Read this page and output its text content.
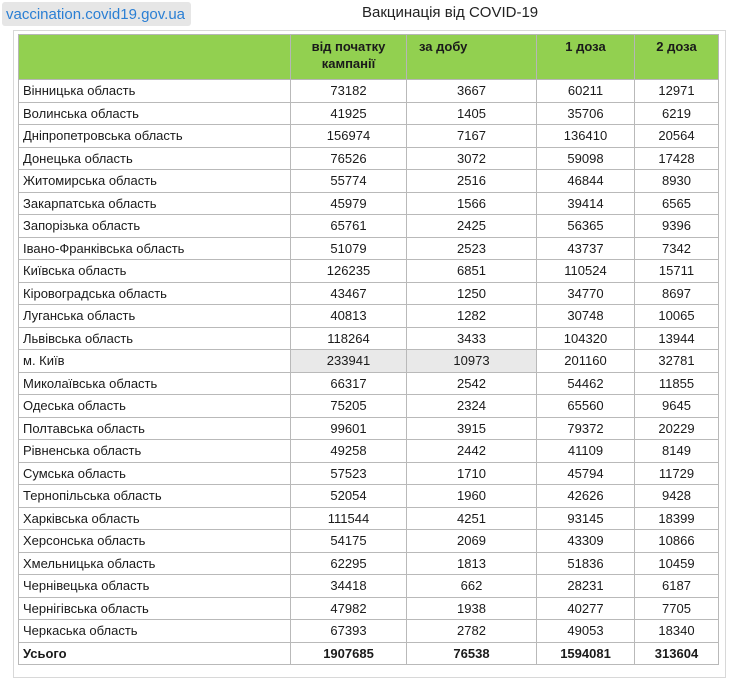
vaccination.covid19.gov.ua	Вакцинація від COVID-19
	від початку кампанії	за добу	1 доза	2 доза
Вінницька область	73182	3667	60211	12971
Волинська область	41925	1405	35706	6219
Дніпропетровська область	156974	7167	136410	20564
Донецька область	76526	3072	59098	17428
Житомирська область	55774	2516	46844	8930
Закарпатська область	45979	1566	39414	6565
Запорізька область	65761	2425	56365	9396
Івано-Франківська область	51079	2523	43737	7342
Київська область	126235	6851	110524	15711
Кіровоградська область	43467	1250	34770	8697
Луганська область	40813	1282	30748	10065
Львівська область	118264	3433	104320	13944
м. Київ	233941	10973	201160	32781
Миколаївська область	66317	2542	54462	11855
Одеська область	75205	2324	65560	9645
Полтавська область	99601	3915	79372	20229
Рівненська область	49258	2442	41109	8149
Сумська область	57523	1710	45794	11729
Тернопільська область	52054	1960	42626	9428
Харківська область	111544	4251	93145	18399
Херсонська область	54175	2069	43309	10866
Хмельницька область	62295	1813	51836	10459
Чернівецька область	34418	662	28231	6187
Чернігівська область	47982	1938	40277	7705
Черкаська область	67393	2782	49053	18340
Усього	1907685	76538	1594081	313604
